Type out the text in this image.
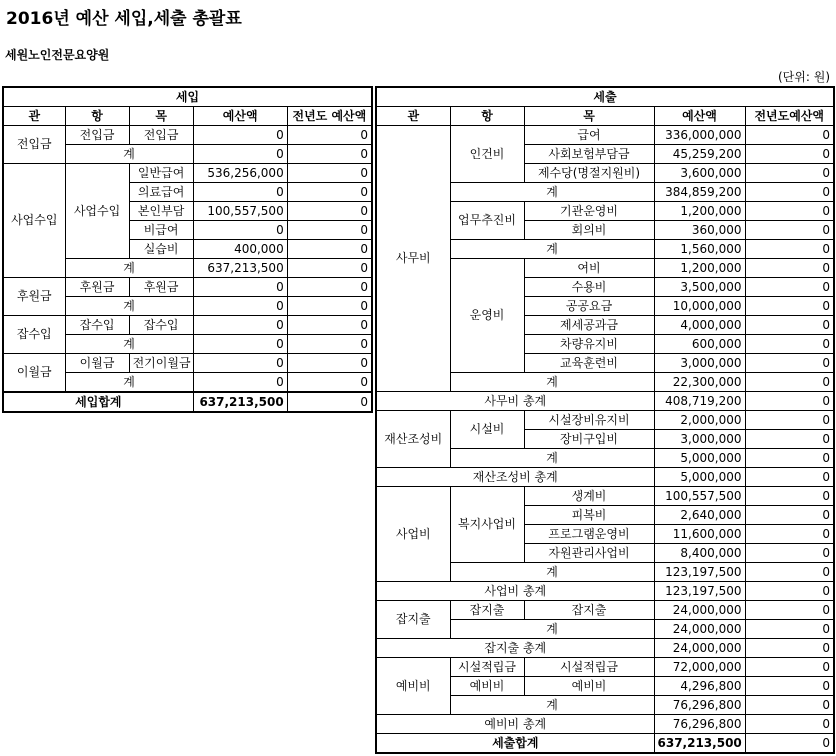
2016년 예산 세입,세출 총괄표
세원노인전문요양원
(단위: 원)
세입				
관	항	목	예산액	전년도 예산액
전입금	전입금	전입금	0	0
	계		0	0
사업수입	사업수입	일반급여	536,256,000	0
		의료급여	0	0
		본인부담	100,557,500	0
		비급여	0	0
		실습비	400,000	0
	계		637,213,500	0
후원금	후원금	후원금	0	0
	계		0	0
잡수입	잡수입	잡수입	0	0
	계		0	0
이월금	이월금	전기이월금	0	0
	계		0	0
세입합계			637,213,500	0
세출				
관	항	목	예산액	전년도예산액
사무비	인건비	급여	336,000,000	0
		사회보험부담금	45,259,200	0
		제수당(명절지원비)	3,600,000	0
	계		384,859,200	0
	업무추진비	기관운영비	1,200,000	0
		회의비	360,000	0
	계		1,560,000	0
	운영비	여비	1,200,000	0
		수용비	3,500,000	0
		공공요금	10,000,000	0
		제세공과금	4,000,000	0
		차량유지비	600,000	0
		교육훈련비	3,000,000	0
	계		22,300,000	0
사무비 총계			408,719,200	0
재산조성비	시설비	시설장비유지비	2,000,000	0
		장비구입비	3,000,000	0
	계		5,000,000	0
재산조성비 총계			5,000,000	0
사업비	복지사업비	생계비	100,557,500	0
		피복비	2,640,000	0
		프로그램운영비	11,600,000	0
		자원관리사업비	8,400,000	0
	계		123,197,500	0
사업비 총계			123,197,500	0
잡지출	잡지출	잡지출	24,000,000	0
	계		24,000,000	0
잡지출 총계			24,000,000	0
예비비	시설적립금	시설적립금	72,000,000	0
	예비비	예비비	4,296,800	0
	계		76,296,800	0
예비비 총계			76,296,800	0
세출합계			637,213,500	0
